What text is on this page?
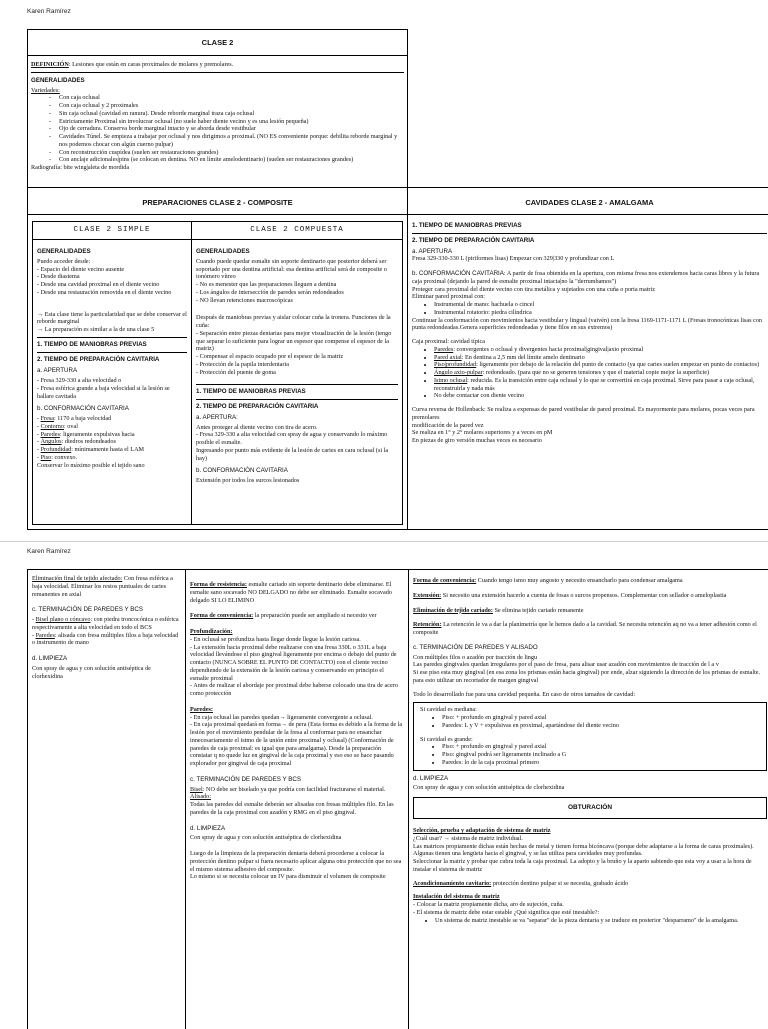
Karen Ramírez
CLASE 2

DEFINICIÓN: Lesiones que están en caras proximales de molares y premolares.

GENERALIDADES
Variedades:
- Con caja oclusal
- Con caja oclusal y 2 proximales
- Sin caja oclusal (cavidad en ranura). Desde reborde marginal traza caja oclusal
- Estrictamente Proximal sin involucrar oclusal (no suele haber diente vecino y es una lesión pequeña)
- Ojo de cerradura. Conserva borde marginal intacto y se aborda desde vestibular
- Cavidades Túnel. Se empieza a trabajar por oclusal y nos dirigimos a proximal. (NO ES conveniente porque: debilita reborde marginal y nos podemos chocar con algún cuerno pulpar)
- Con reconstrucción cuspídea (suelen ser restauraciones grandes)
- Con anclaje adicionales|pins (se colocan en dentina. NO en límite amelodentinario) (suelen ser restauraciones grandes)
Radiografía: bite wing|aleta de mordida
PREPARACIONES CLASE 2 - COMPOSITE
CLASE 2 SIMPLE
GENERALIDADES
Puedo acceder desde:
- Espacio del diente vecino ausente
- Desde diastema
- Desde una cavidad proximal en el diente vecino
- Desde una restauración removida en el diente vecino
→ Esta clase tiene la particularidad que se debe conservar el reborde marginal
→ La preparación es similar a la de una clase 5
1. TIEMPO DE MANIOBRAS PREVIAS
2. TIEMPO DE PREPARACIÓN CAVITARIA
a. APERTURA
- Fresa 329-330 a alta velocidad o
- Fresa esférica grande a baja velocidad si la lesión se hallare cavitada
b. CONFORMACIÓN CAVITARIA
- Fresa: 1170 a baja velocidad
- Contorno: oval
- Paredes: ligeramente expulsivas hacia
- Ángulos: diedros redondeados
- Profundidad: mínimamente hasta el LAM
- Piso: convexo.
Conservar lo máximo posible el tejido sano
CLASE 2 COMPUESTA
GENERALIDADES
Cuando puede quedar esmalte sin soporte dentinario que posterior deberá ser soportado por una dentina artificial: esa dentina artificial será de composite o ionómero vítreo
- No es menester que las preparaciones lleguen a dentina
- Los ángulos de intersección de paredes serán redondeados
- NO llevan retenciones macroscópicas
Después de maniobras previas y aislar colocar cuña la tronera. Funciones de la cuña:
- Separación entre piezas dentarias para mejor visualización de la lesión (tengo que separar lo suficiente para lograr un espesor que compense el espesor de la matriz)
- Compensar el espacio ocupado por el espesor de la matriz
- Protección de la papila interdentaria
- Protección del puente de goma
1. TIEMPO DE MANIOBRAS PREVIAS
2. TIEMPO DE PREPARACIÓN CAVITARIA
a. APERTURA:
Antes proteger al diente vecino con tira de acero.
- Fresa 329-330 a alta velocidad con spray de agua y conservando lo máximo posible el esmalte.
Ingresando por punto más evidente de la lesión de caries en cara oclusal (si la hay)
b. CONFORMACIÓN CAVITARIA
Extensión por todos los surcos lesionados
CAVIDADES CLASE 2 - AMALGAMA
1. TIEMPO DE MANIOBRAS PREVIAS
2. TIEMPO DE PREPARACIÓN CAVITARIA
a. APERTURA
Fresa 329-330-330 L (piriformes lisas) Empezar con 329|330 y profundizar con L
b. CONFORMACIÓN CAVITARIA: A partir de fosa obtenida en la apertura, con misma fresa nos extendemos hacia caras libres y la futura caja proximal (dejando la pared de esmalte proximal intacta|no la "derrumbamos")
Proteger cara proximal del diente vecino con tira metálica y sujetados con una cuña o porta matriz
Eliminar pared proximal con:
• Instrumental de mano: hachuela o cincel
• Instrumental rotatorio: piedra cilíndrica
Continuar la conformación con movimientos hacia vestibular y lingual (vaivén) con la fresa 1169-1171-1171 L (Fresas tronocónicas lisas con punta redondeadas.Genera superficies redondeadas y tiene filos en sus extremos)
Caja proximal: cavidad típica
• Paredes: convergentes o oclusal y divergentes hacia proximal|gingival|axio proximal
• Pared axial: En dentina a 2,5 mm del límite amelo dentinario
• Piso|profundidad: ligeramente por debajo de la relación del punto de contacto (ya que caries suelen empezar en punto de contactos)
• Ángulo axio-pulpar: redondeado. (para que no se generen tensiones y que el material copie mejor la superficie)
• Istmo oclusal: reducida. Es la transición entre caja oclusal y lo que se convertirá en caja proximal. Sirve para pasar a caja oclusal, reconstruirla y nada más
• No debe contactar con diente vecino
Curva reversa de Hollenback: Se realiza a expensas de pared vestibular de pared proximal. Es mayormente para molares, pocas veces para premolares
modificación de la pared vez
Se realiza en 1° y 2° molares superiores y a veces en pM
En piezas de giro versión muchas veces es necesario
Karen Ramírez

Eliminación final de tejido afectado: Con fresa esférica a baja velocidad. Eliminar los restos puntuales de caries remanentes en axial

c. TERMINACIÓN DE PAREDES Y BCS
- Bisel plano o cóncavo: con piedra troncocónica o esférica respectivamente a alta velocidad en todo el BCS
- Paredes: alisada con fresa múltiples filos a baja velocidad o instrumento de mano
d. LIMPIEZA
Con spray de agua y con solución antiséptica de clorhexidina

Forma de resistencia: esmalte cariado sin soporte dentinario debe eliminarse. El esmalte sano socavado NO DELGADO no debe ser eliminado. Esmalte socavado delgado SI LO ELIMINO

Forma de conveniencia: la preparación puede ser ampliado si necesito ver

Profundización:
- En oclusal se profundiza hasta llegar donde llegue la lesión cariosa.
- La extensión hacia proximal debe realizarse con una fresa 330L o 331L a baja velocidad llevándose el piso gingival ligeramente por encima o debajo del punto de contacto (NUNCA SOBRE EL PUNTO DE CONTACTO) con el cliente vecino dependiendo de la extensión de la lesión cariosa y conservando en principio el esmalte proximal
- Antes de realizar el abordaje por proximal debe haberse colocado una tira de acero como protección
Paredes:
- En caja oclusal las paredes quedan→ ligeramente convergente a oclusal.
- En caja proximal quedará en forma→ de pera (Esta forma es debido a la forma de la lesión por el movimiento pendular de la fresa al conformar para no ensanchar innecesariamente el istmo de la unión entre proximal y oclusal) (Conformación de paredes de caja proximal: es igual que para amalgama). Desde la preparación constatar q no quede luz en gingival de la caja proximal y eso eso se hace pasando explorador por gingival de caja proximal
c. TERMINACIÓN DE PAREDES Y BCS
Bisel: NO debe ser biselado ya que podría con facilidad fracturarse el material.
Alisado:
Todas las paredes del esmalte deberán ser alisadas con fresas múltiples filo. En las paredes de la caja proximal con azadón y RMG en el piso gingival.
d. LIMPIEZA
Con spray de agua y con solución antiséptica de clorhexidina
Luego de la limpieza de la preparación dentaria deberá procederse a colocar la protección dentino pulpar si fuera necesario aplicar alguna otra protección que no sea el mismo sistema adhesivo del composite.
Lo mismo si se necesita colocar un IV para disminuir el volumen de composite

Forma de conveniencia: Cuando tengo ismo muy angosto y necesito ensancharlo para condensar amalgama

Extensión: Si necesito una extensión hacerlo a cuenta de fosas o surcos propensos. Complementar con sellador o ameloplastia

Eliminación de tejido cariado: Se elimina tejido cariado remanente

Retención: La retención le va a dar la planimetría que le hemos dado a la cavidad. Se necesita retención aq no va a tener adhesión como el composite

c. TERMINACIÓN DE PAREDES Y ALISADO
Con múltiples filos o azadón por tracción de lingu
Las paredes gingivales quedan irregulares por el paso de fresa, para alisar usar azadón con movimientos de tracción de l a v
Si ese piso esta muy gingival (en esa zona los prismas están hacia gingival) por ende, alzar siguiendo la dirección de los prismas de esmalte. para esto utilizar un recortador de margen gingival
Todo lo desarrollado fue para una cavidad pequeña. En caso de otros tamaños de cavidad:
Si cavidad es mediana:
• Piso: + profundo en gingival y pared axial
• Paredes: L y V + expulsivas en proximal, apartándose del diente vecino
Si cavidad es grande:
• Piso: + profundo en gingival y pared axial
• Piso: gingival podrá ser ligeramente inclinado a G
• Paredes: lo de la caja proximal primero
d. LIMPIEZA
Con spray de agua y con solución antiséptica de clorhexidina
OBTURACIÓN
Selección, prueba y adaptación de sistema de matriz
¿Cuál usar? → sistema de matriz individual.
Las matrices propiamente dichas están hechas de metal y tienen forma bicóncava (porque debe adaptarse a la forma de caras proximales). Algunas tienen una lengüeta hacia el gingival, y se las utiliza para cavidades muy profundas.
Seleccionar la matriz y probar que cubra toda la caja proximal. La adopto y la bruño y la aparto sabiendo que esta voy a usar a la hora de instalar el sistema de matriz

Acondicionamiento cavitario: protección dentino pulpar si se necesita, grabado ácido

Instalación del sistema de matriz
- Colocar la matriz propiamente dicha, aro de sujeción, cuña.
- El sistema de matriz debe estar estable ¿Qué significa que esté inestable?:
• Un sistema de matriz inestable se va "separar" de la pieza dentaria y se traduce en posterior "desparramo" de la amalgama.
